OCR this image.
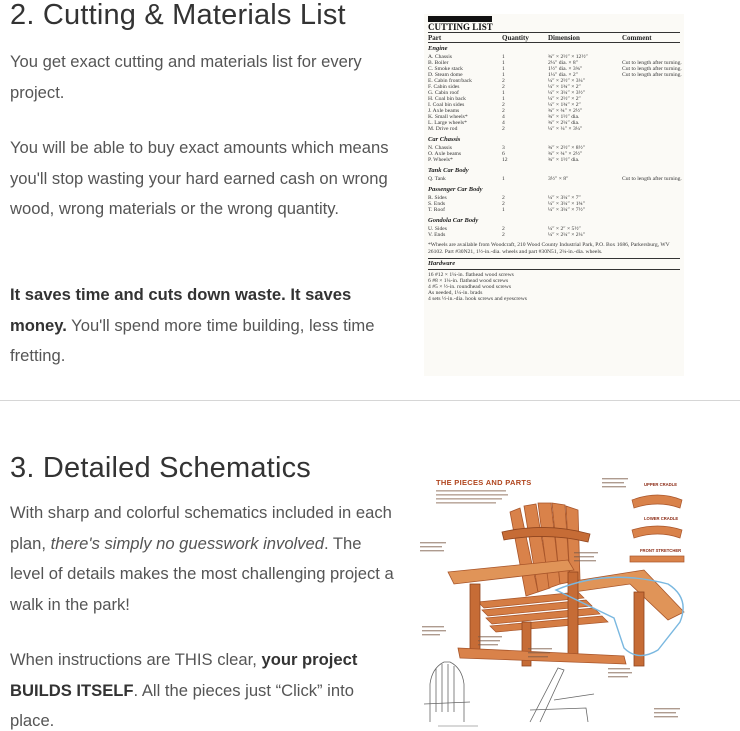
2. Cutting & Materials List

You get exact cutting and materials list for every project.

You will be able to buy exact amounts which means you'll stop wasting your hard earned cash on wrong wood, wrong materials or the wrong quantity.

It saves time and cuts down waste. It saves money. You'll spend more time building, less time fretting.

CUTTING LIST
Part	Quantity	Dimension	Comment
Engine
A. Chassis	1	¾″ × 2½″ × 12½″
B. Boiler	1	2¼″ dia. × 8″	Cut to length after turning.
C. Smoke stack	1	1½″ dia. × 3¾″	Cut to length after turning.
D. Steam dome	1	1¼″ dia. × 2″	Cut to length after turning.
E. Cabin front/back	2	¼″ × 2½″ × 3¼″
F. Cabin sides	2	¼″ × 1¾″ × 2″
G. Cabin roof	1	¼″ × 3¼″ × 3½″
H. Coal bin back	1	¼″ × 2½″ × 2″
I. Coal bin sides	2	¼″ × 1¾″ × 2″
J. Axle beams	2	¾″ × ¾″ × 2½″
K. Small wheels*	4	¾″ × 1½″ dia.
L. Large wheels*	4	¾″ × 2¼″ dia.
M. Drive rod	2	¼″ × ¼″ × 3¼″
Car Chassis
N. Chassis	3	¾″ × 2½″ × 8½″
O. Axle beams	6	¾″ × ¾″ × 2½″
P. Wheels*	12	¾″ × 1½″ dia.
Tank Car Body
Q. Tank	1	3½″ × 8″	Cut to length after turning.
Passenger Car Body
R. Sides	2	¼″ × 3¼″ × 7″
S. Ends	2	¼″ × 3¼″ × 1¾″
T. Roof	1	¼″ × 3¼″ × 7½″
Gondola Car Body
U. Sides	2	¼″ × 2″ × 5½″
V. Ends	2	¼″ × 2¼″ × 2¼″
*Wheels are available from Woodcraft, 210 Wood County Industrial Park, P.O. Box 1686, Parkersburg, WV 26102. Part #30N21, 1½-in.-dia. wheels and part #30N51, 2¼-in.-dia. wheels.
Hardware
16 #12 × 1¼-in. flathead wood screws
6 #8 × 1¼-in. flathead wood screws
4 #5 × ½-in. roundhead wood screws
As needed, 1¼-in. brads
4 sets ½-in.-dia. hook screws and eyescrews
3. Detailed Schematics

With sharp and colorful schematics included in each plan, there's simply no guesswork involved. The level of details makes the most challenging project a walk in the park!

When instructions are THIS clear, your project BUILDS ITSELF. All the pieces just “Click” into place.

THE PIECES AND PARTS	UPPER CRADLE
LOWER CRADLE
FRONT STRETCHER
